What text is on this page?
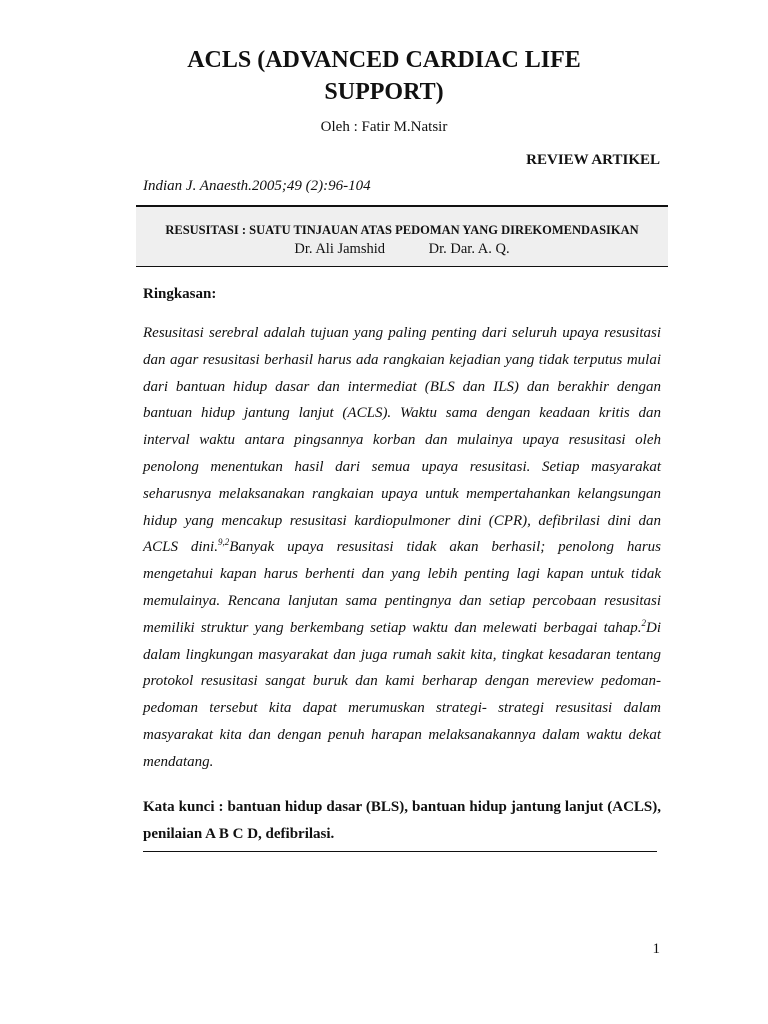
ACLS (ADVANCED CARDIAC LIFE
SUPPORT)
Oleh : Fatir M.Natsir
REVIEW ARTIKEL
Indian J. Anaesth.2005;49 (2):96-104
RESUSITASI : SUATU TINJAUAN ATAS PEDOMAN YANG DIREKOMENDASIKAN
Dr. Ali Jamshid	Dr. Dar. A. Q.
Ringkasan:
Resusitasi serebral adalah tujuan yang paling penting dari seluruh upaya resusitasi
dan agar resusitasi berhasil harus ada rangkaian kejadian yang tidak terputus mulai
dari bantuan hidup dasar dan intermediat (BLS dan ILS) dan berakhir dengan
bantuan hidup jantung lanjut (ACLS). Waktu sama dengan keadaan kritis dan
interval waktu antara pingsannya korban dan mulainya upaya resusitasi oleh
penolong menentukan hasil dari semua upaya resusitasi. Setiap masyarakat
seharusnya melaksanakan rangkaian upaya untuk mempertahankan kelangsungan
hidup yang mencakup resusitasi kardiopulmoner dini (CPR), defibrilasi dini dan
ACLS dini.$^{9,2}$Banyak upaya resusitasi tidak akan berhasil; penolong harus
mengetahui kapan harus berhenti dan yang lebih penting lagi kapan untuk tidak
memulainya. Rencana lanjutan sama pentingnya dan setiap percobaan resusitasi
memiliki struktur yang berkembang setiap waktu dan melewati berbagai tahap.$^2$Di
dalam lingkungan masyarakat dan juga rumah sakit kita, tingkat kesadaran tentang
protokol resusitasi sangat buruk dan kami berharap dengan mereview pedoman-
pedoman tersebut kita dapat merumuskan strategi- strategi resusitasi dalam
masyarakat kita dan dengan penuh harapan melaksanakannya dalam waktu dekat
mendatang.
Kata kunci : bantuan hidup dasar (BLS), bantuan hidup jantung lanjut (ACLS),
penilaian A B C D, defibrilasi.
1
